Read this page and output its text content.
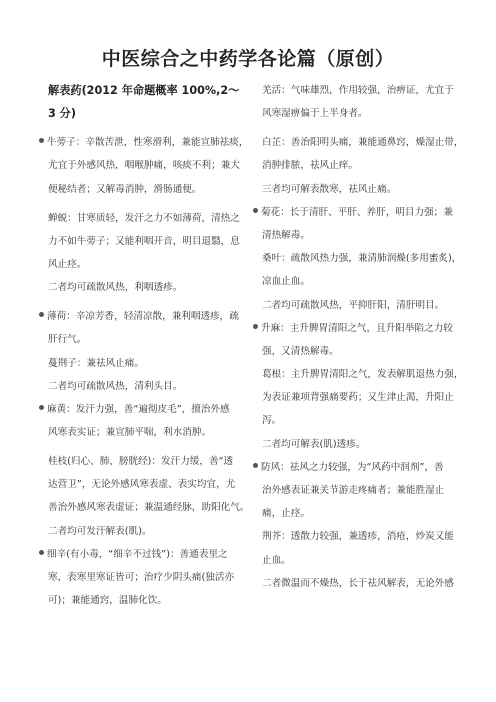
中医综合之中药学各论篇（原创）
解表药(2012 年命题概率 100%,2～
3 分)
牛蒡子：辛散苦泄，性寒滑利，兼能宣肺祛痰，
尤宜于外感风热，咽喉肿痛，咳痰不利；兼大
便秘结者；又解毒消肿，滑肠通便。
蝉蜕：甘寒质轻，发汗之力不如薄荷，清热之
力不如牛蒡子；又能利咽开音，明目退翳，息
风止痉。
二者均可疏散风热，利咽透疹。
薄荷：辛凉芳香，轻清凉散，兼利咽透疹，疏
肝行气。
蔓荆子：兼祛风止痛。
二者均可疏散风热，清利头目。
麻黄：发汗力强，善“遍彻皮毛”，擅治外感
风寒表实证；兼宣肺平喘，利水消肿。
桂枝(归心、肺、膀胱经)：发汗力缓，善“透
达营卫”，无论外感风寒表虚、表实均宜，尤
善治外感风寒表虚证；兼温通经脉，助阳化气。
二者均可发汗解表(肌)。
细辛(有小毒，“细辛不过钱”)：善通表里之
寒，表寒里寒证皆可；治疗少阴头痛(独活亦
可)；兼能通窍，温肺化饮。
羌活：气味雄烈，作用较强，治痹证，尤宜于
风寒湿痹偏于上半身者。
白芷：善治阳明头痛，兼能通鼻窍，燥湿止带，
消肿排脓，祛风止痒。
三者均可解表散寒，祛风止痛。
菊花：长于清肝、平肝、养肝，明目力强；兼
清热解毒。
桑叶：疏散风热力强，兼清肺润燥(多用蜜炙)，
凉血止血。
二者均可疏散风热，平抑肝阳，清肝明目。
升麻：主升脾胃清阳之气，且升阳举陷之力较
强，又清热解毒。
葛根：主升脾胃清阳之气，发表解肌退热力强，
为表证兼项背强痛要药；又生津止渴，升阳止
泻。
二者均可解表(肌)透疹。
防风：祛风之力较强，为“风药中润剂”，善
治外感表证兼关节游走疼痛者；兼能胜湿止
痛，止痉。
荆芥：透散力较强，兼透疹，消疮，炒炭又能
止血。
二者微温而不燥热，长于祛风解表，无论外感
